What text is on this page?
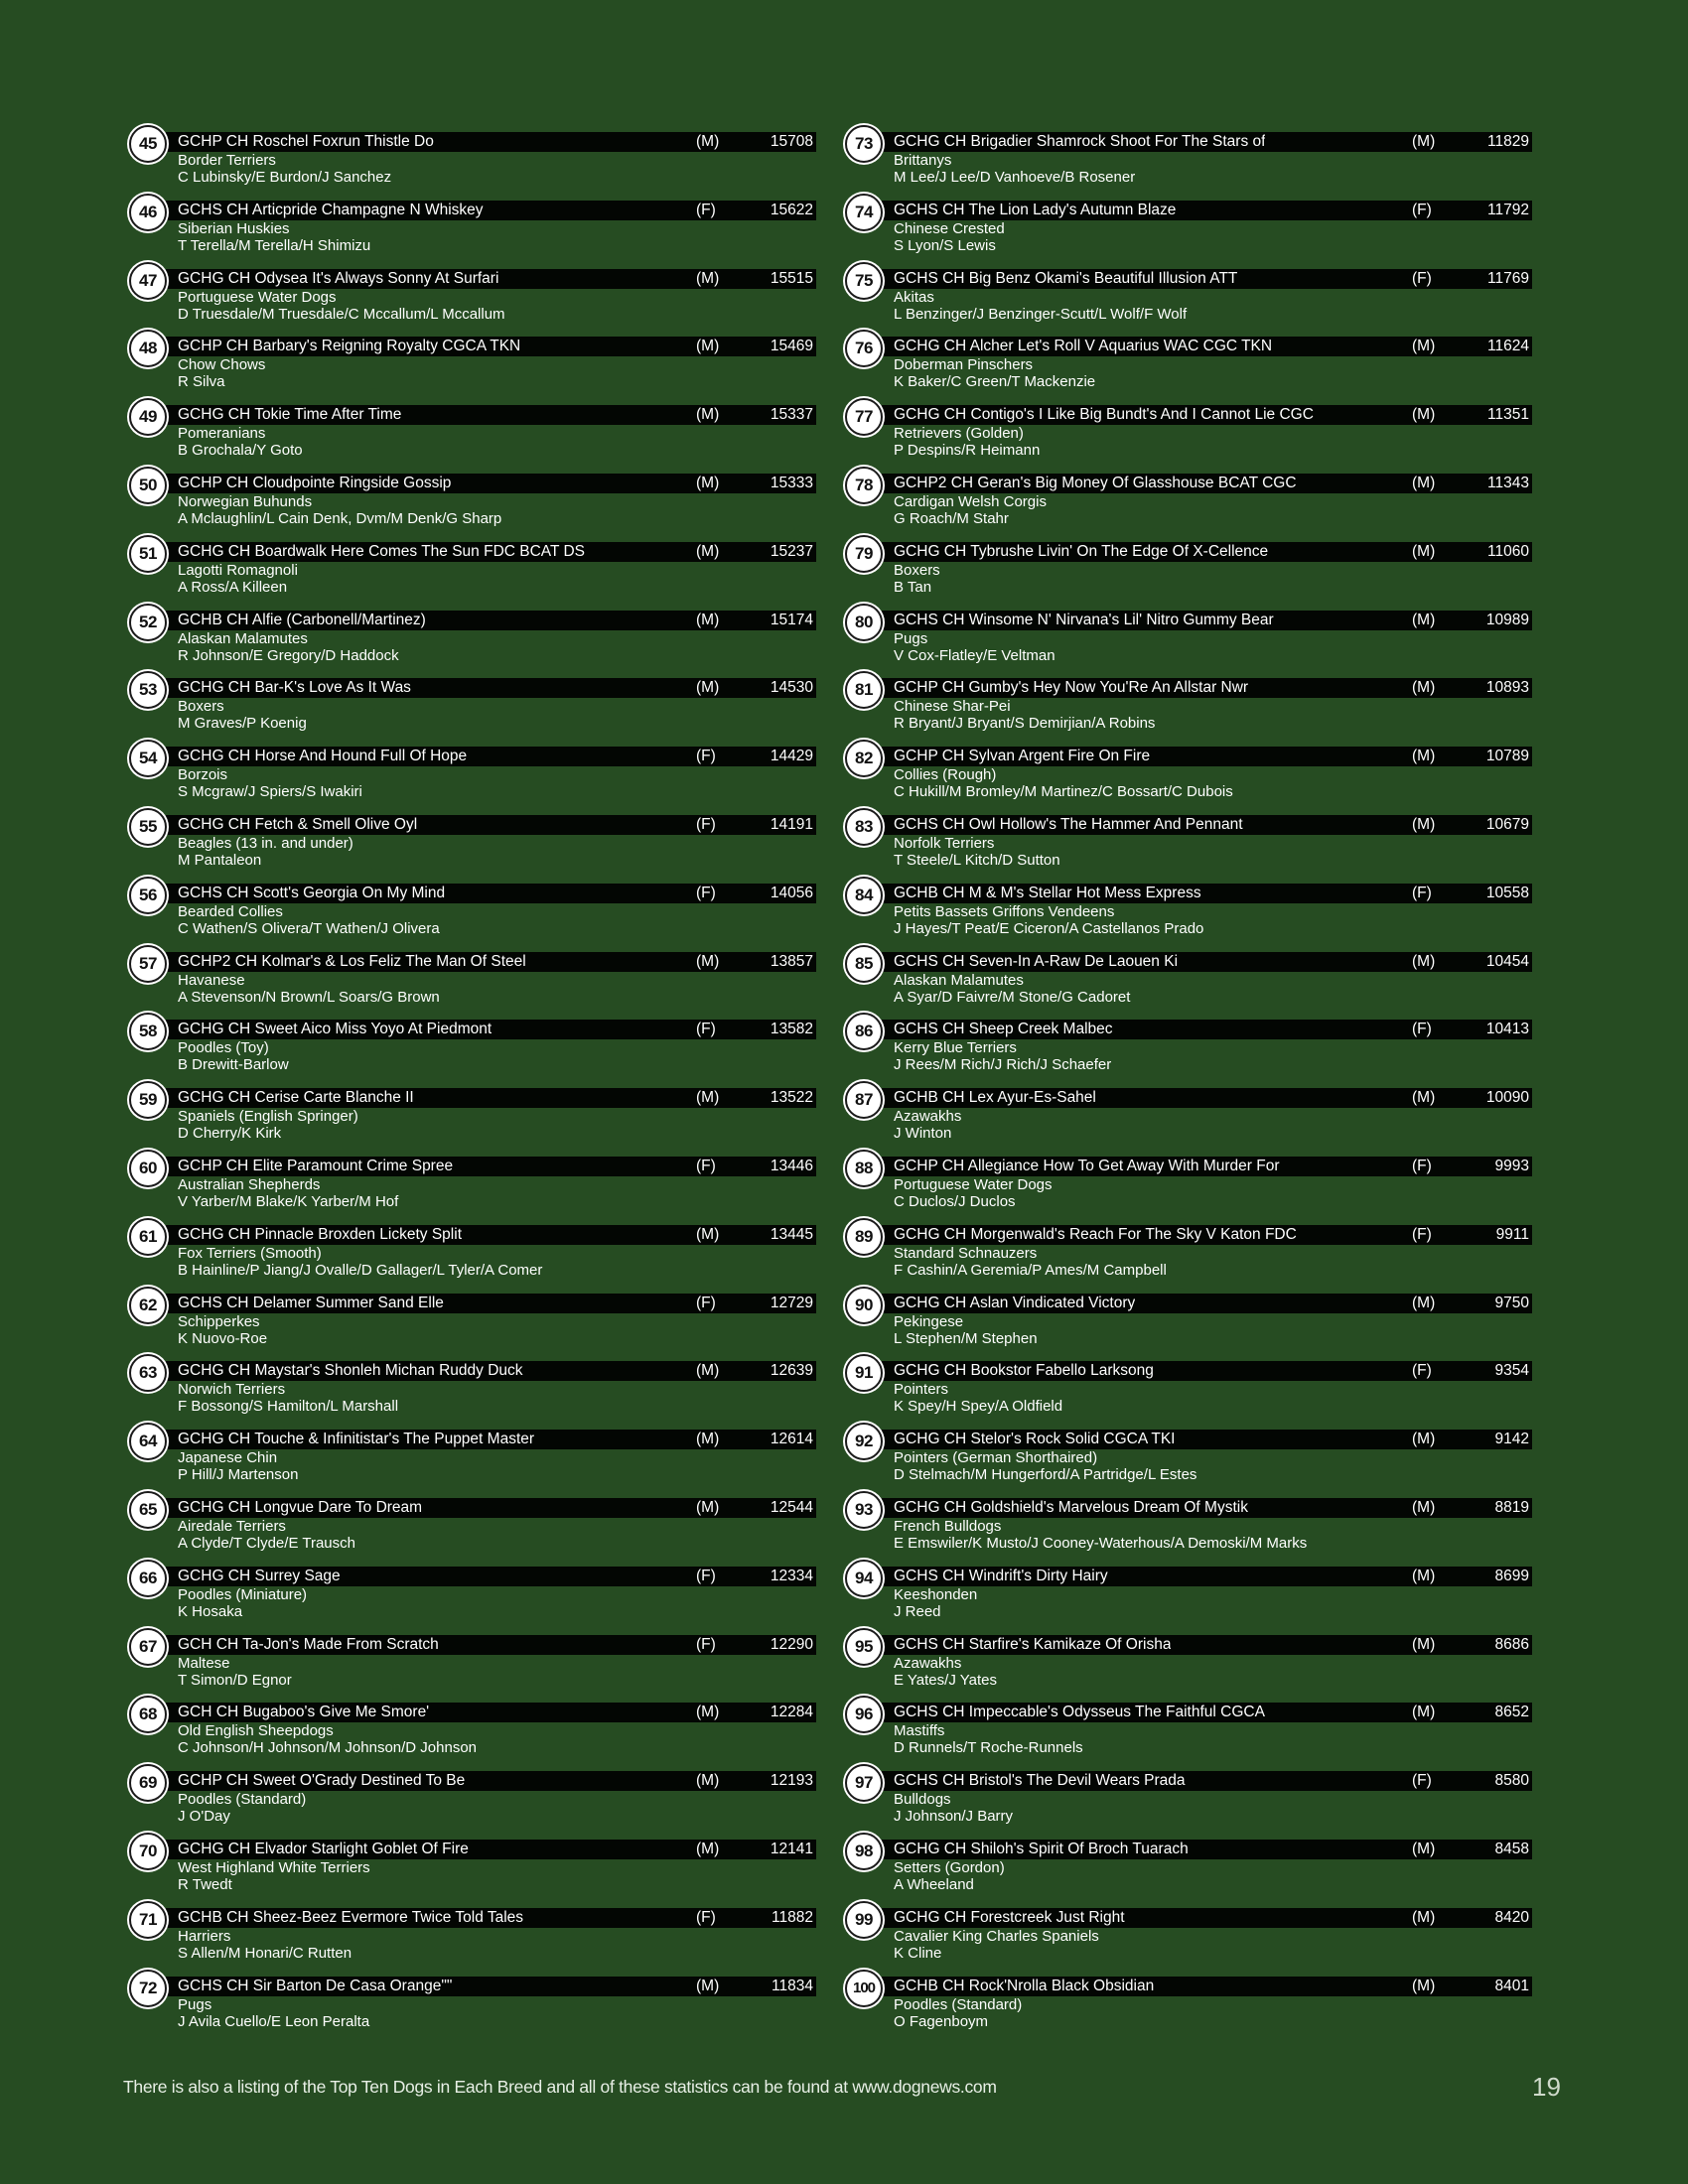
45	GCHP CH Roschel Foxrun Thistle Do	(M)	15708
Border Terriers
C Lubinsky/E Burdon/J Sanchez
46	GCHS CH Articpride Champagne N Whiskey	(F)	15622
Siberian Huskies
T Terella/M Terella/H Shimizu
47	GCHG CH Odysea It's Always Sonny At Surfari	(M)	15515
Portuguese Water Dogs
D Truesdale/M Truesdale/C Mccallum/L Mccallum
48	GCHP CH Barbary's Reigning Royalty CGCA TKN	(M)	15469
Chow Chows
R Silva
49	GCHG CH Tokie Time After Time	(M)	15337
Pomeranians
B Grochala/Y Goto
50	GCHP CH Cloudpointe Ringside Gossip	(M)	15333
Norwegian Buhunds
A Mclaughlin/L Cain Denk, Dvm/M Denk/G Sharp
51	GCHG CH Boardwalk Here Comes The Sun FDC BCAT DS	(M)	15237
Lagotti Romagnoli
A Ross/A Killeen
52	GCHB CH Alfie (Carbonell/Martinez)	(M)	15174
Alaskan Malamutes
R Johnson/E Gregory/D Haddock
53	GCHG CH Bar-K's Love As It Was	(M)	14530
Boxers
M Graves/P Koenig
54	GCHG CH Horse And Hound Full Of Hope	(F)	14429
Borzois
S Mcgraw/J Spiers/S Iwakiri
55	GCHG CH Fetch & Smell Olive Oyl	(F)	14191
Beagles (13 in. and under)
M Pantaleon
56	GCHS CH Scott's Georgia On My Mind	(F)	14056
Bearded Collies
C Wathen/S Olivera/T Wathen/J Olivera
57	GCHP2 CH Kolmar's & Los Feliz The Man Of Steel	(M)	13857
Havanese
A Stevenson/N Brown/L Soars/G Brown
58	GCHG CH Sweet Aico Miss Yoyo At Piedmont	(F)	13582
Poodles (Toy)
B Drewitt-Barlow
59	GCHG CH Cerise Carte Blanche II	(M)	13522
Spaniels (English Springer)
D Cherry/K Kirk
60	GCHP CH Elite Paramount Crime Spree	(F)	13446
Australian Shepherds
V Yarber/M Blake/K Yarber/M Hof
61	GCHG CH Pinnacle Broxden Lickety Split	(M)	13445
Fox Terriers (Smooth)
B Hainline/P Jiang/J Ovalle/D Gallager/L Tyler/A Comer
62	GCHS CH Delamer Summer Sand Elle	(F)	12729
Schipperkes
K Nuovo-Roe
63	GCHG CH Maystar's Shonleh Michan Ruddy Duck	(M)	12639
Norwich Terriers
F Bossong/S Hamilton/L Marshall
64	GCHG CH Touche & Infinitistar's The Puppet Master	(M)	12614
Japanese Chin
P Hill/J Martenson
65	GCHG CH Longvue Dare To Dream	(M)	12544
Airedale Terriers
A Clyde/T Clyde/E Trausch
66	GCHG CH Surrey Sage	(F)	12334
Poodles (Miniature)
K Hosaka
67	GCH CH Ta-Jon's Made From Scratch	(F)	12290
Maltese
T Simon/D Egnor
68	GCH CH Bugaboo's Give Me Smore'	(M)	12284
Old English Sheepdogs
C Johnson/H Johnson/M Johnson/D Johnson
69	GCHP CH Sweet O'Grady Destined To Be	(M)	12193
Poodles (Standard)
J O'Day
70	GCHG CH Elvador Starlight Goblet Of Fire	(M)	12141
West Highland White Terriers
R Twedt
71	GCHB CH Sheez-Beez Evermore Twice Told Tales	(F)	11882
Harriers
S Allen/M Honari/C Rutten
72	GCHS CH Sir Barton De Casa Orange""	(M)	11834
Pugs
J Avila Cuello/E Leon Peralta
73	GCHG CH Brigadier Shamrock Shoot For The Stars of	(M)	11829
Brittanys
M Lee/J Lee/D Vanhoeve/B Rosener
74	GCHS CH The Lion Lady's Autumn Blaze	(F)	11792
Chinese Crested
S Lyon/S Lewis
75	GCHS CH Big Benz Okami's Beautiful Illusion ATT	(F)	11769
Akitas
L Benzinger/J Benzinger-Scutt/L Wolf/F Wolf
76	GCHG CH Alcher Let's Roll V Aquarius WAC CGC TKN	(M)	11624
Doberman Pinschers
K Baker/C Green/T Mackenzie
77	GCHG CH Contigo's I Like Big Bundt's And I Cannot Lie CGC	(M)	11351
Retrievers (Golden)
P Despins/R Heimann
78	GCHP2 CH Geran's Big Money Of Glasshouse BCAT CGC	(M)	11343
Cardigan Welsh Corgis
G Roach/M Stahr
79	GCHG CH Tybrushe Livin' On The Edge Of X-Cellence	(M)	11060
Boxers
B Tan
80	GCHS CH Winsome N' Nirvana's Lil' Nitro Gummy Bear	(M)	10989
Pugs
V Cox-Flatley/E Veltman
81	GCHP CH Gumby's Hey Now You'Re An Allstar Nwr	(M)	10893
Chinese Shar-Pei
R Bryant/J Bryant/S Demirjian/A Robins
82	GCHP CH Sylvan Argent Fire On Fire	(M)	10789
Collies (Rough)
C Hukill/M Bromley/M Martinez/C Bossart/C Dubois
83	GCHS CH Owl Hollow's The Hammer And Pennant	(M)	10679
Norfolk Terriers
T Steele/L Kitch/D Sutton
84	GCHB CH M & M's Stellar Hot Mess Express	(F)	10558
Petits Bassets Griffons Vendeens
J Hayes/T Peat/E Ciceron/A Castellanos Prado
85	GCHS CH Seven-In A-Raw De Laouen Ki	(M)	10454
Alaskan Malamutes
A Syar/D Faivre/M Stone/G Cadoret
86	GCHS CH Sheep Creek Malbec	(F)	10413
Kerry Blue Terriers
J Rees/M Rich/J Rich/J Schaefer
87	GCHB CH Lex Ayur-Es-Sahel	(M)	10090
Azawakhs
J Winton
88	GCHP CH Allegiance How To Get Away With Murder For	(F)	9993
Portuguese Water Dogs
C Duclos/J Duclos
89	GCHG CH Morgenwald's Reach For The Sky V Katon FDC	(F)	9911
Standard Schnauzers
F Cashin/A Geremia/P Ames/M Campbell
90	GCHG CH Aslan Vindicated Victory	(M)	9750
Pekingese
L Stephen/M Stephen
91	GCHG CH Bookstor Fabello Larksong	(F)	9354
Pointers
K Spey/H Spey/A Oldfield
92	GCHG CH Stelor's Rock Solid CGCA TKI	(M)	9142
Pointers (German Shorthaired)
D Stelmach/M Hungerford/A Partridge/L Estes
93	GCHG CH Goldshield's Marvelous Dream Of Mystik	(M)	8819
French Bulldogs
E Emswiler/K Musto/J Cooney-Waterhous/A Demoski/M Marks
94	GCHS CH Windrift's Dirty Hairy	(M)	8699
Keeshonden
J Reed
95	GCHS CH Starfire's Kamikaze Of Orisha	(M)	8686
Azawakhs
E Yates/J Yates
96	GCHS CH Impeccable's Odysseus The Faithful CGCA	(M)	8652
Mastiffs
D Runnels/T Roche-Runnels
97	GCHS CH Bristol's The Devil Wears Prada	(F)	8580
Bulldogs
J Johnson/J Barry
98	GCHG CH Shiloh's Spirit Of Broch Tuarach	(M)	8458
Setters (Gordon)
A Wheeland
99	GCHG CH Forestcreek Just Right	(M)	8420
Cavalier King Charles Spaniels
K Cline
100	GCHB CH Rock'Nrolla Black Obsidian	(M)	8401
Poodles (Standard)
O Fagenboym
There is also a listing of the Top Ten Dogs in Each Breed and all of these statistics can be found at www.dognews.com	19
